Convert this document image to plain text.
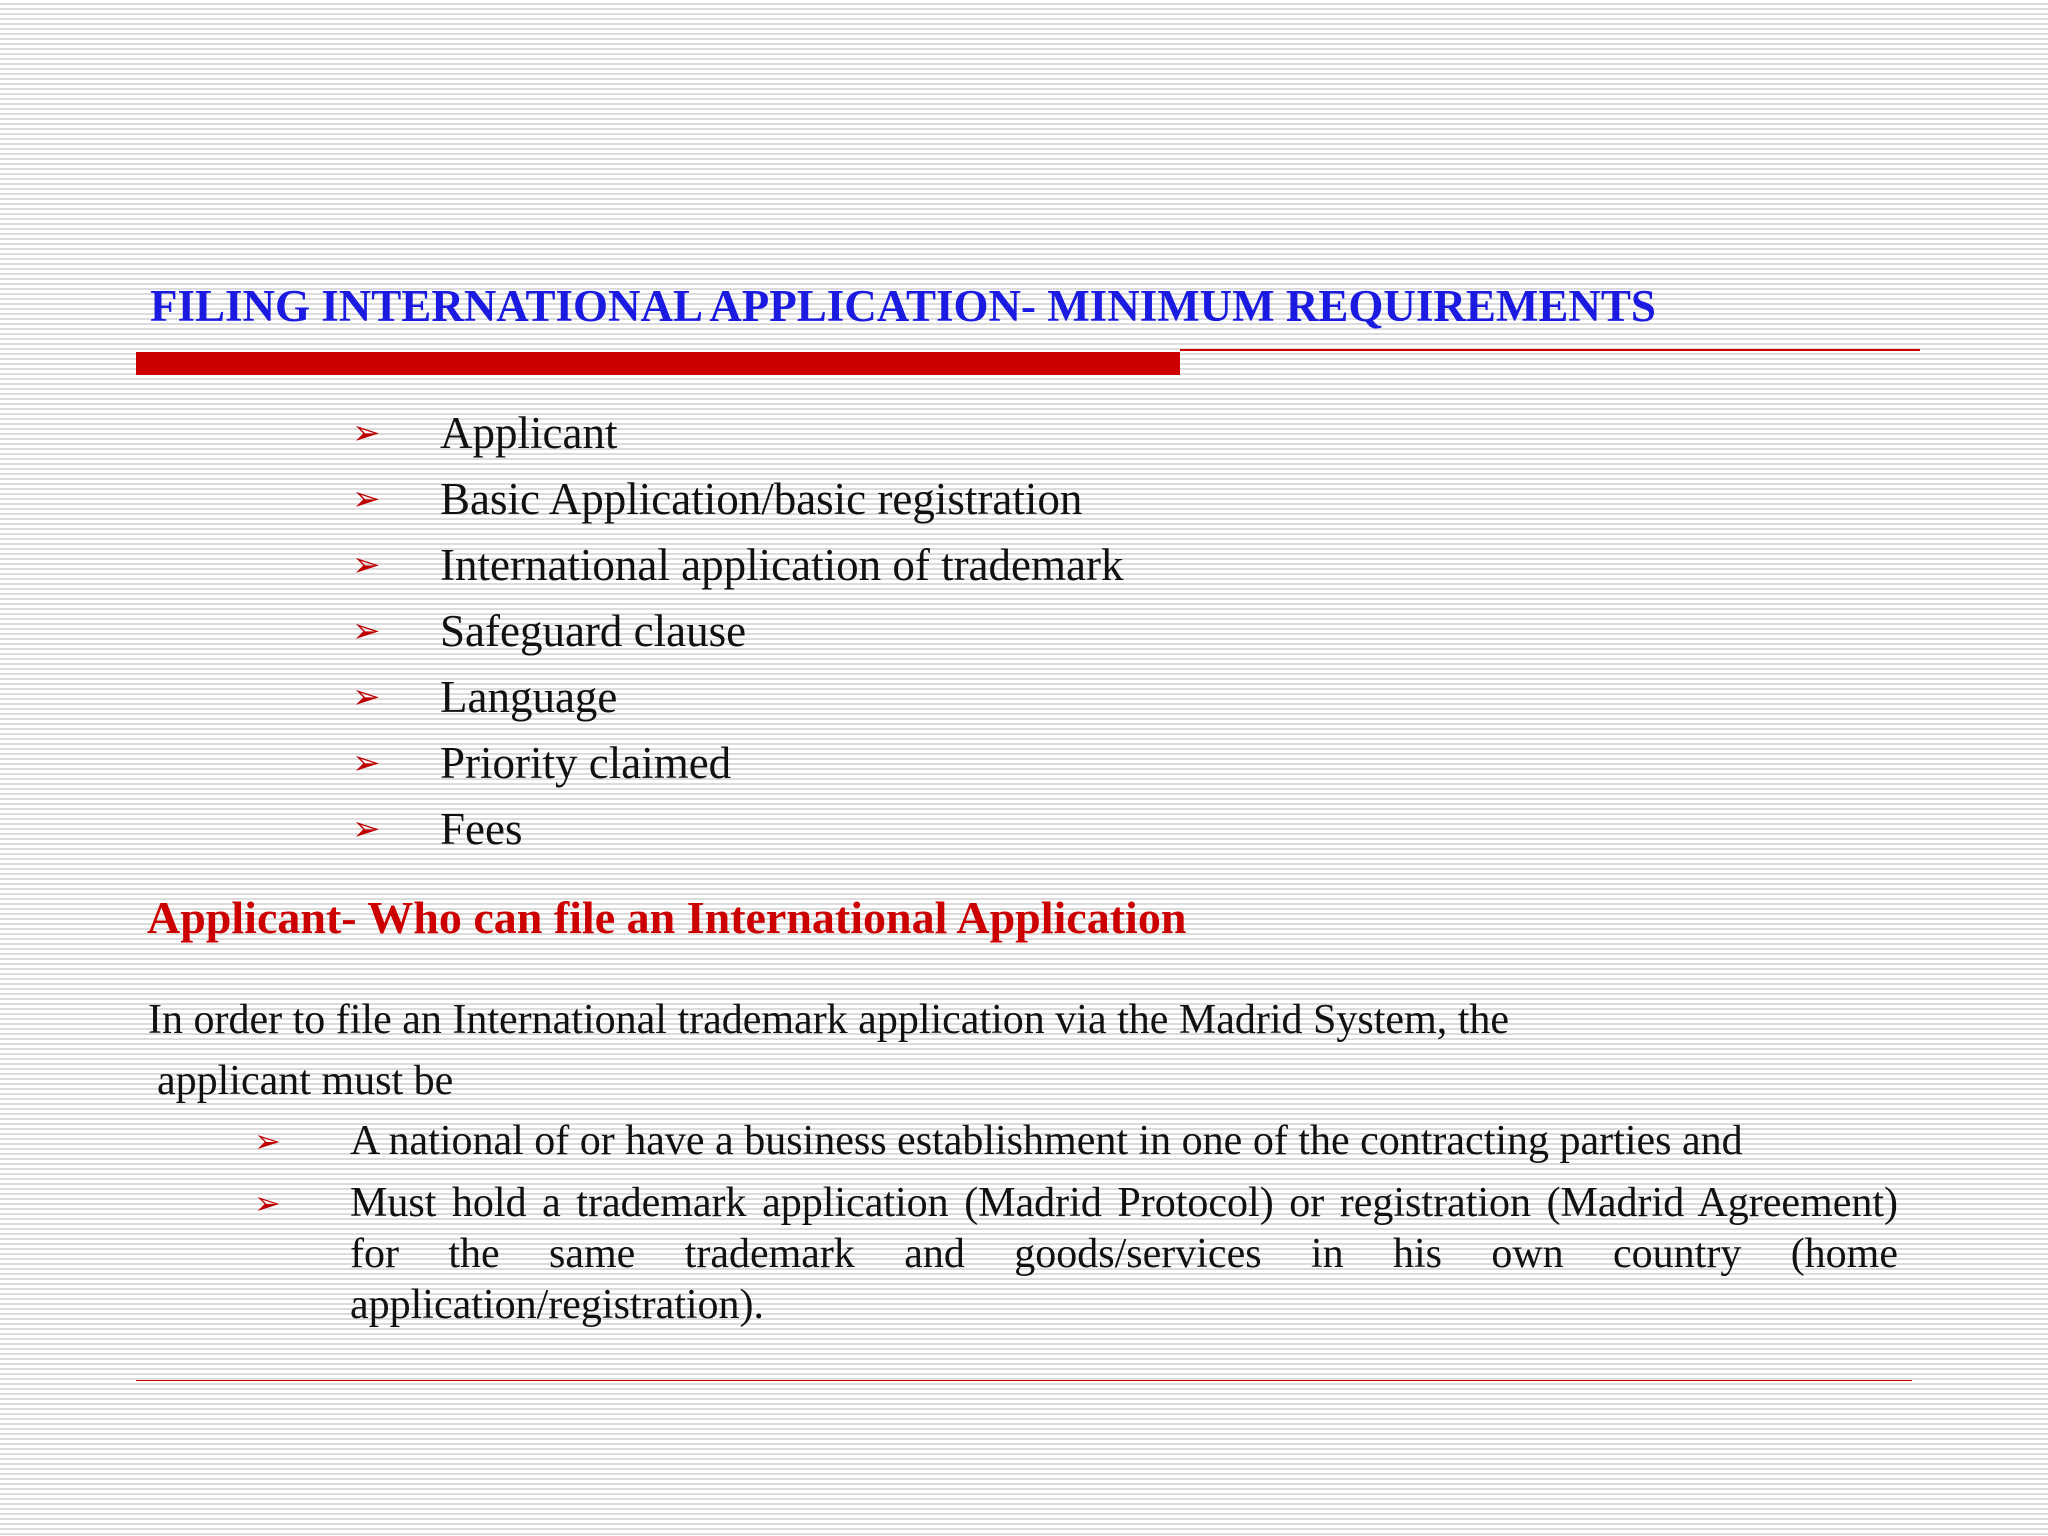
FILING INTERNATIONAL APPLICATION- MINIMUM REQUIREMENTS
➢ Applicant
➢ Basic Application/basic registration
➢ International application of trademark
➢ Safeguard clause
➢ Language
➢ Priority claimed
➢ Fees
Applicant- Who can file an International Application
In order to file an International trademark application via the Madrid System, the
applicant must be
➢ A national of or have a business establishment in one of the contracting parties and
➢ Must hold a trademark application (Madrid Protocol) or registration (Madrid Agreement) for the same trademark and goods/services in his own country (home application/registration).
